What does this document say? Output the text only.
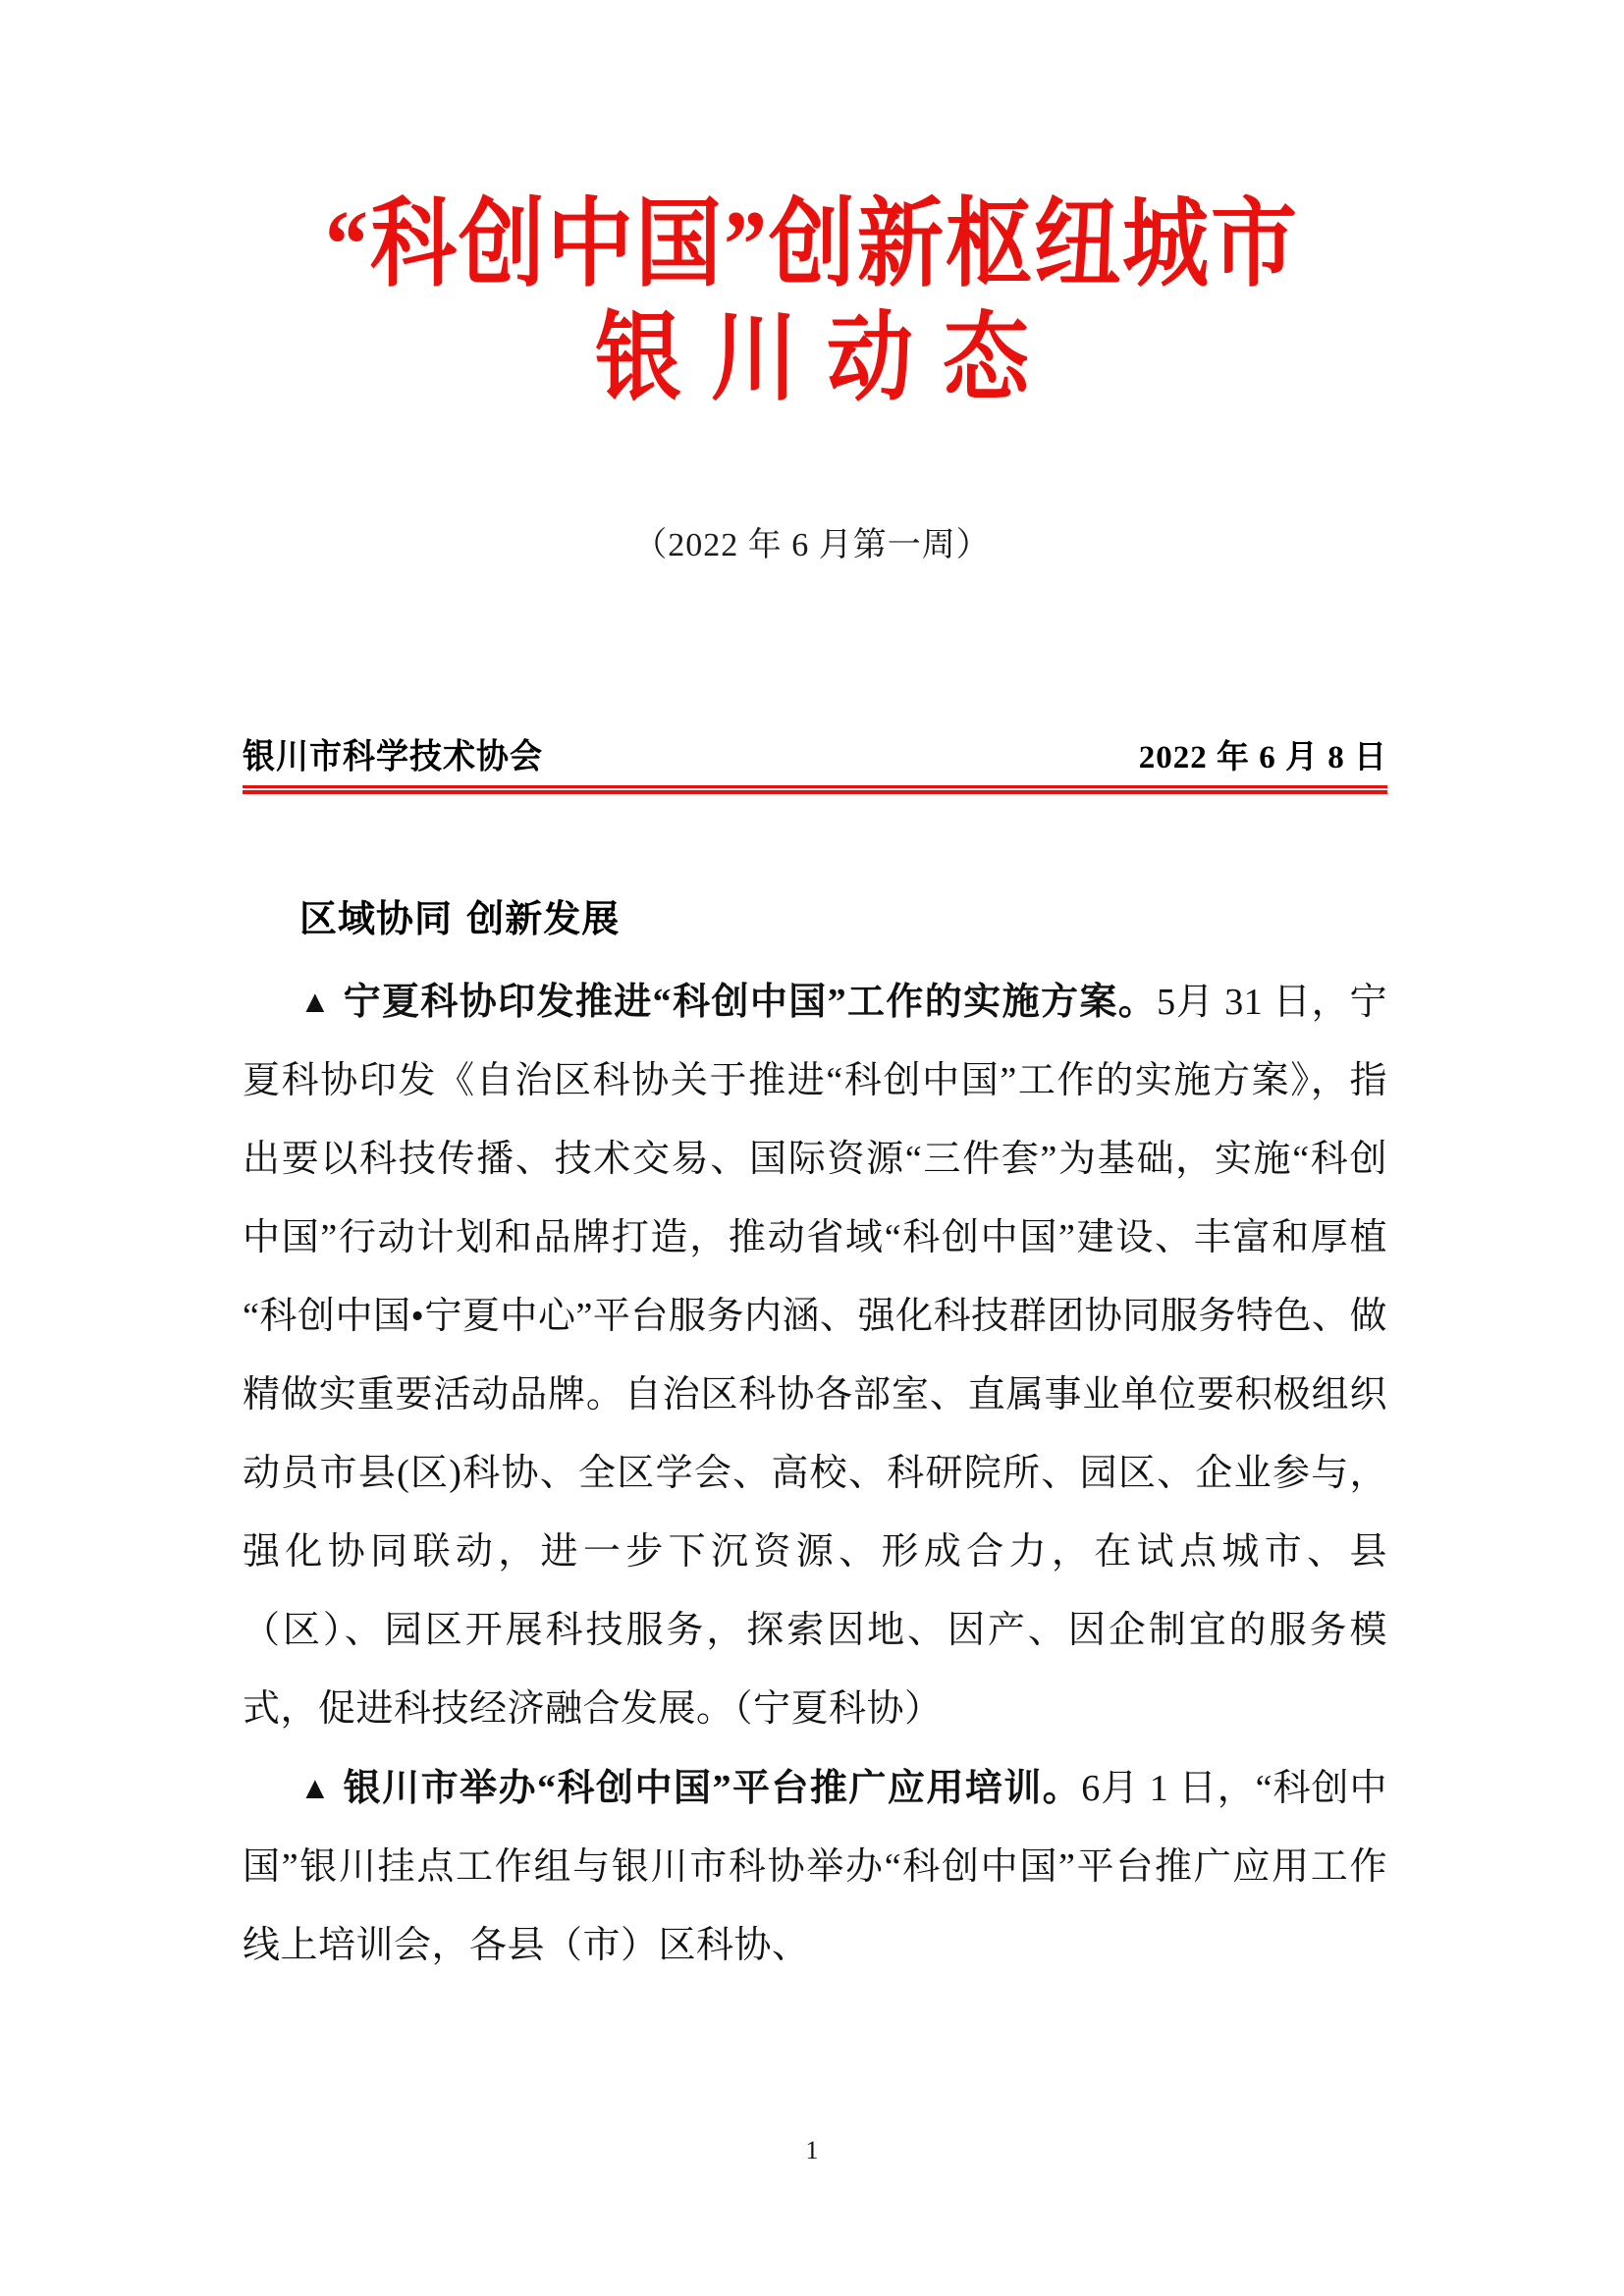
“科创中国”创新枢纽城市
银川动态
（2022 年 6 月第一周）
银川市科学技术协会	2022 年 6 月 8 日
区域协同 创新发展

▲ 宁夏科协印发推进“科创中国”工作的实施方案。5月 31 日，宁夏科协印发《自治区科协关于推进“科创中国”工作的实施方案》，指出要以科技传播、技术交易、国际资源“三件套”为基础，实施“科创中国”行动计划和品牌打造，推动省域“科创中国”建设、丰富和厚植“科创中国•宁夏中心”平台服务内涵、强化科技群团协同服务特色、做精做实重要活动品牌。自治区科协各部室、直属事业单位要积极组织动员市县(区)科协、全区学会、高校、科研院所、园区、企业参与，强化协同联动，进一步下沉资源、形成合力，在试点城市、县（区）、园区开展科技服务，探索因地、因产、因企制宜的服务模式，促进科技经济融合发展。（宁夏科协）

▲ 银川市举办“科创中国”平台推广应用培训。6月 1 日，“科创中国”银川挂点工作组与银川市科协举办“科创中国”平台推广应用工作线上培训会，各县（市）区科协、

1
